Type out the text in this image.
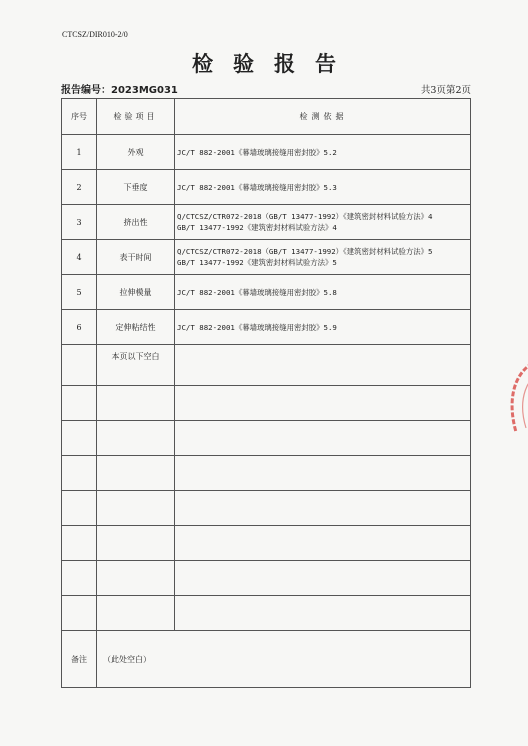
CTCSZ/DIR010-2/0
检验报告
报告编号：2023MG031	共3页第2页
序号	检验项目	检测依据
1	外观	JC/T 882-2001《幕墙玻璃接缝用密封胶》5.2

2	下垂度	JC/T 882-2001《幕墙玻璃接缝用密封胶》5.3

3	挤出性	Q/CTCSZ/CTR072-2018（GB/T 13477-1992）《建筑密封材料试验方法》4
GB/T 13477-1992《建筑密封材料试验方法》4

4	表干时间	Q/CTCSZ/CTR072-2018（GB/T 13477-1992）《建筑密封材料试验方法》5
GB/T 13477-1992《建筑密封材料试验方法》5

5	拉伸模量	JC/T 882-2001《幕墙玻璃接缝用密封胶》5.8

6	定伸粘结性	JC/T 882-2001《幕墙玻璃接缝用密封胶》5.9

	本页以下空白	

备注	（此处空白）	
